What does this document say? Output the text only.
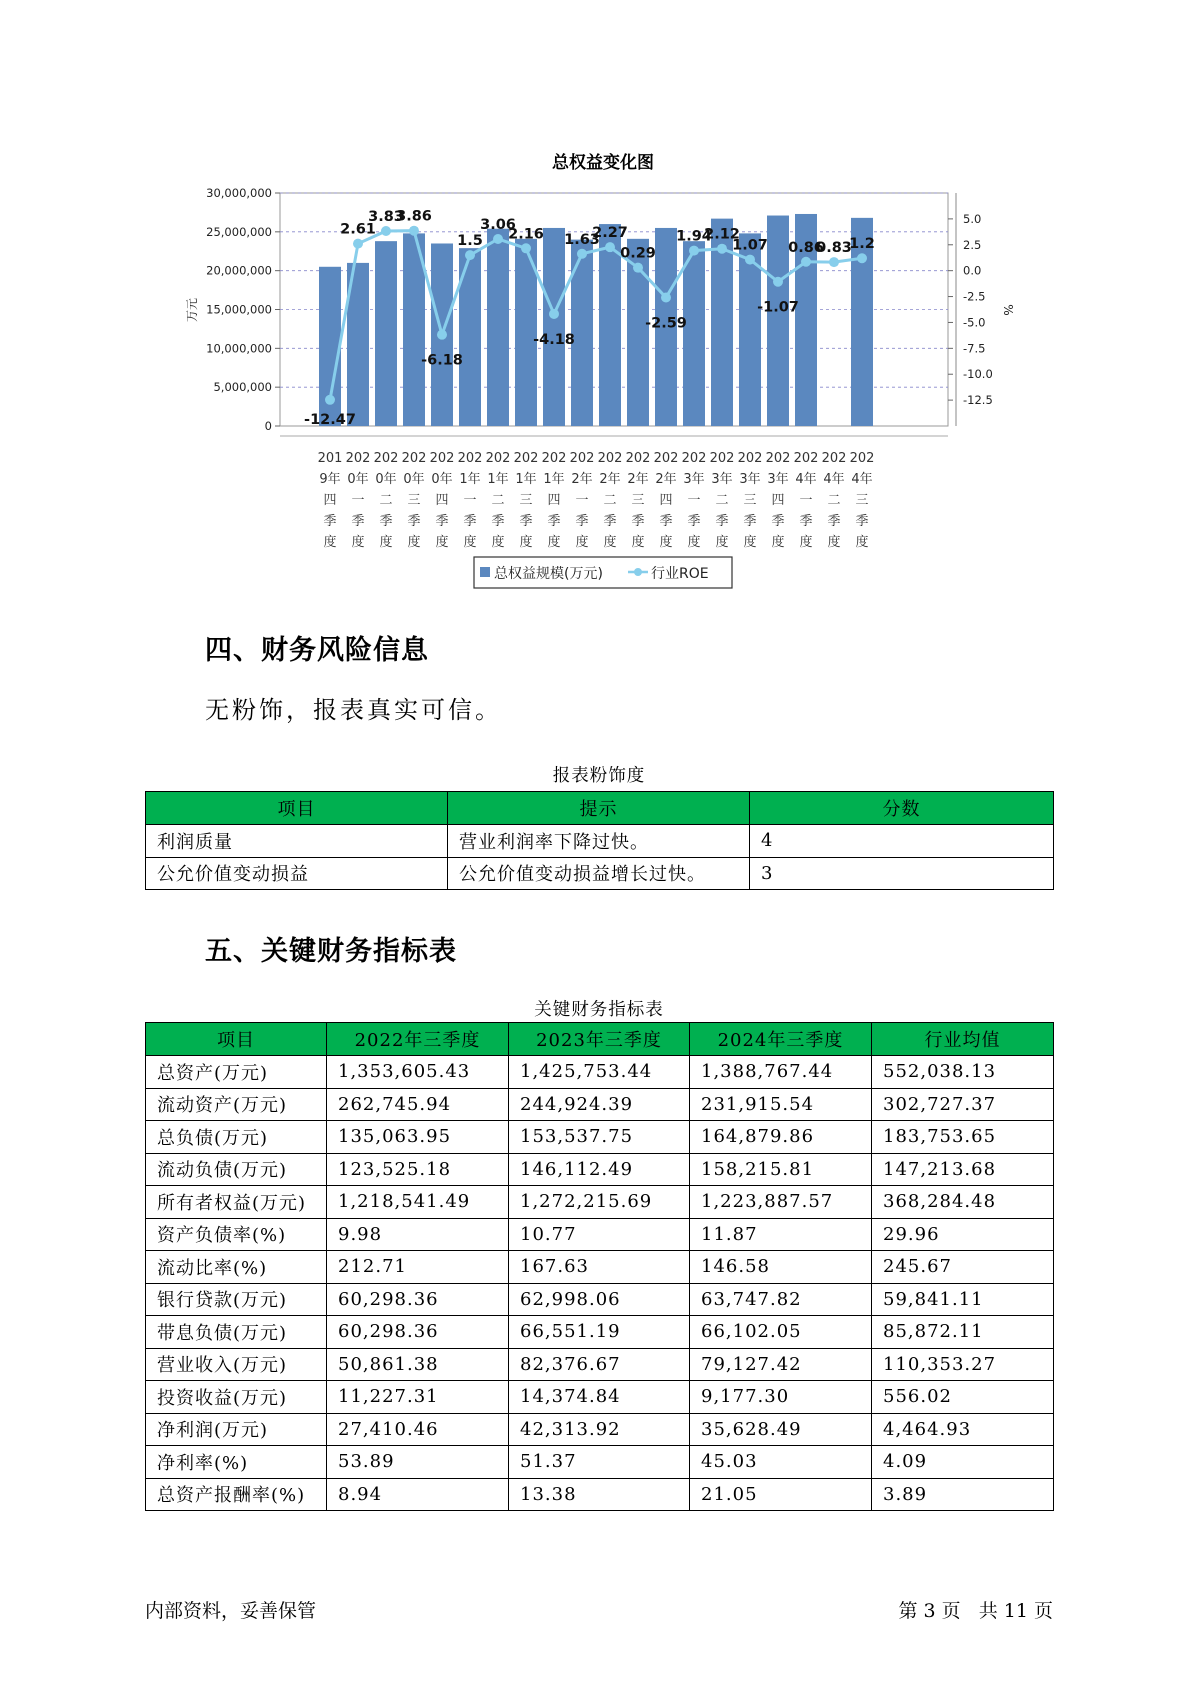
总权益变化图
0
5,000,000
10,000,000
15,000,000
20,000,000
25,000,000
30,000,000
-12.5
-10.0
-7.5
-5.0
-2.5
0.0
2.5
5.0
万元	%
201
9年
四
季
度
202
0年
一
季
度
202
0年
二
季
度
202
0年
三
季
度
202
0年
四
季
度
202
1年
一
季
度
202
1年
二
季
度
202
1年
三
季
度
202
1年
四
季
度
202
2年
一
季
度
202
2年
二
季
度
202
2年
三
季
度
202
2年
四
季
度
202
3年
一
季
度
202
3年
二
季
度
202
3年
三
季
度
202
3年
四
季
度
202
4年
一
季
度
202
4年
二
季
度
202
4年
三
季
度
-12.47
2.61
3.83
3.86
-6.18
1.5
3.06
2.16
-4.18
1.63
2.27
0.29
-2.59
1.94
2.12
1.07
-1.07
0.86
0.83
1.2
总权益规模(万元)	行业ROE
四、财务风险信息
无粉饰，报表真实可信。
报表粉饰度
项目	提示	分数
利润质量	营业利润率下降过快。	4
公允价值变动损益	公允价值变动损益增长过快。	3
五、关键财务指标表
关键财务指标表
项目	2022年三季度	2023年三季度	2024年三季度	行业均值
总资产(万元)	1,353,605.43	1,425,753.44	1,388,767.44	552,038.13
流动资产(万元)	262,745.94	244,924.39	231,915.54	302,727.37
总负债(万元)	135,063.95	153,537.75	164,879.86	183,753.65
流动负债(万元)	123,525.18	146,112.49	158,215.81	147,213.68
所有者权益(万元)	1,218,541.49	1,272,215.69	1,223,887.57	368,284.48
资产负债率(%)	9.98	10.77	11.87	29.96
流动比率(%)	212.71	167.63	146.58	245.67
银行贷款(万元)	60,298.36	62,998.06	63,747.82	59,841.11
带息负债(万元)	60,298.36	66,551.19	66,102.05	85,872.11
营业收入(万元)	50,861.38	82,376.67	79,127.42	110,353.27
投资收益(万元)	11,227.31	14,374.84	9,177.30	556.02
净利润(万元)	27,410.46	42,313.92	35,628.49	4,464.93
净利率(%)	53.89	51.37	45.03	4.09
总资产报酬率(%)	8.94	13.38	21.05	3.89
内部资料，妥善保管	第 3 页   共 11 页
